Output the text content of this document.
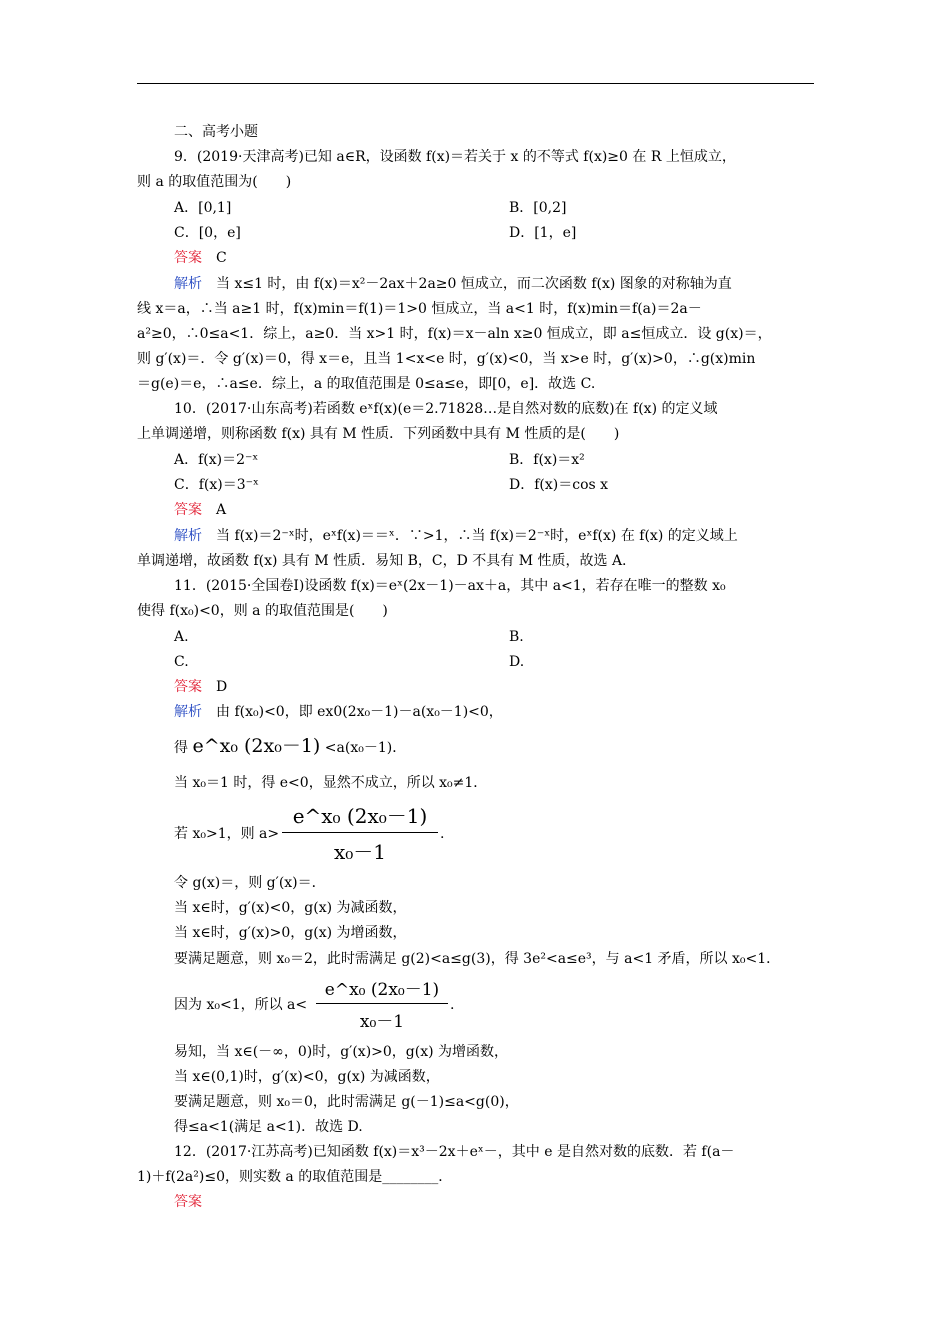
二、高考小题
9．(2019·天津高考)已知 a∈R，设函数 f(x)＝若关于 x 的不等式 f(x)≥0 在 R 上恒成立，
则 a 的取值范围为(　　)
A．[0,1]	B．[0,2]
C．[0，e]	D．[1，e]
答案　 C
解析　 当 x≤1 时，由 f(x)＝x²－2ax＋2a≥0 恒成立，而二次函数 f(x) 图象的对称轴为直
线 x＝a，∴当 a≥1 时，f(x)min＝f(1)＝1>0 恒成立，当 a<1 时，f(x)min＝f(a)＝2a－
a²≥0，∴0≤a<1．综上，a≥0．当 x>1 时，f(x)＝x－aln x≥0 恒成立，即 a≤恒成立．设 g(x)＝，
则 g′(x)＝．令 g′(x)＝0，得 x＝e，且当 1<x<e 时，g′(x)<0，当 x>e 时，g′(x)>0，∴g(x)min
＝g(e)＝e，∴a≤e．综上，a 的取值范围是 0≤a≤e，即[0，e]．故选 C.
10．(2017·山东高考)若函数 eˣf(x)(e＝2.71828…是自然对数的底数)在 f(x) 的定义域
上单调递增，则称函数 f(x) 具有 M 性质．下列函数中具有 M 性质的是(　　)
A．f(x)＝2⁻ˣ	B．f(x)＝x²
C．f(x)＝3⁻ˣ	D．f(x)＝cos x
答案　 A
解析　 当 f(x)＝2⁻ˣ时，eˣf(x)＝＝ˣ．∵>1，∴当 f(x)＝2⁻ˣ时，eˣf(x) 在 f(x) 的定义域上
单调递增，故函数 f(x) 具有 M 性质．易知 B，C，D 不具有 M 性质，故选 A.
11．(2015·全国卷Ⅰ)设函数 f(x)＝eˣ(2x－1)－ax＋a，其中 a<1，若存在唯一的整数 x₀
使得 f(x₀)<0，则 a 的取值范围是(　　)
A.	B.
C.	D.
答案　 D
解析　 由 f(x₀)<0，即 ex0(2x₀－1)－a(x₀－1)<0，
得 e^x₀ (2x₀－1) <a(x₀－1)．
当 x₀＝1 时，得 e<0，显然不成立，所以 x₀≠1．
若 x₀>1，则 a>
e^x₀ (2x₀－1)
x₀－1
.
令 g(x)＝，则 g′(x)＝．
当 x∈时，g′(x)<0，g(x) 为减函数，
当 x∈时，g′(x)>0，g(x) 为增函数，
要满足题意，则 x₀＝2，此时需满足 g(2)<a≤g(3)，得 3e²<a≤e³，与 a<1 矛盾，所以 x₀<1．
因为 x₀<1，所以 a<
e^x₀ (2x₀－1)
x₀－1
.
易知，当 x∈(－∞，0)时，g′(x)>0，g(x) 为增函数，
当 x∈(0,1)时，g′(x)<0，g(x) 为减函数，
要满足题意，则 x₀＝0，此时需满足 g(－1)≤a<g(0)，
得≤a<1(满足 a<1)．故选 D.
12．(2017·江苏高考)已知函数 f(x)＝x³－2x＋eˣ－，其中 e 是自然对数的底数．若 f(a－
1)＋f(2a²)≤0，则实数 a 的取值范围是________．
答案
